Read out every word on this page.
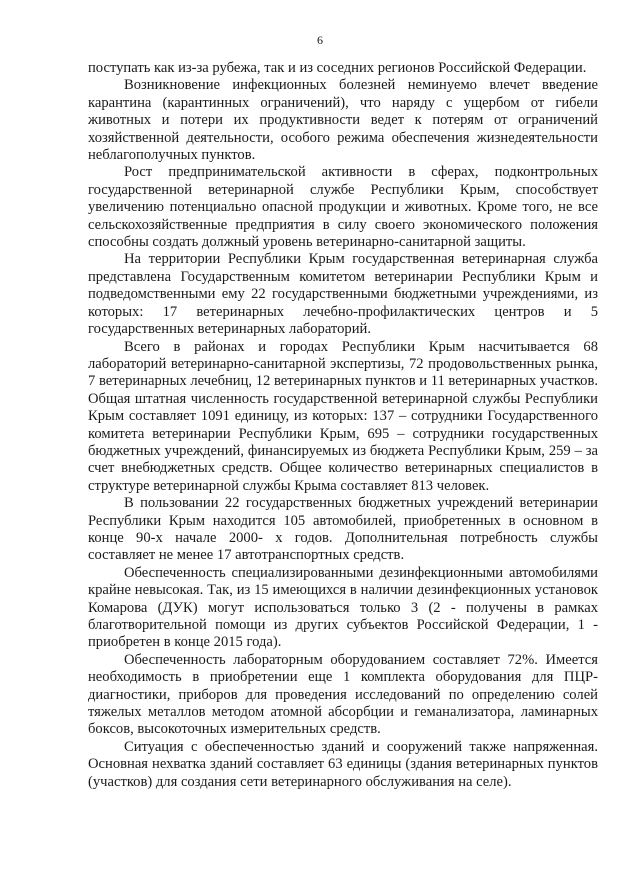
6

поступать как из-за рубежа, так и из соседних регионов Российской Федерации.

Возникновение инфекционных болезней неминуемо влечет введение карантина (карантинных ограничений), что наряду с ущербом от гибели животных и потери их продуктивности ведет к потерям от ограничений хозяйственной деятельности, особого режима обеспечения жизнедеятельности неблагополучных пунктов.

Рост предпринимательской активности в сферах, подконтрольных государственной ветеринарной службе Республики Крым, способствует увеличению потенциально опасной продукции и животных. Кроме того, не все сельскохозяйственные предприятия в силу своего экономического положения способны создать должный уровень ветеринарно-санитарной защиты.

На территории Республики Крым государственная ветеринарная служба представлена Государственным комитетом ветеринарии Республики Крым и подведомственными ему 22 государственными бюджетными учреждениями, из которых: 17 ветеринарных лечебно-профилактических центров и 5 государственных ветеринарных лабораторий.

Всего в районах и городах Республики Крым насчитывается 68 лабораторий ветеринарно-санитарной экспертизы, 72 продовольственных рынка, 7 ветеринарных лечебниц, 12 ветеринарных пунктов и 11 ветеринарных участков. Общая штатная численность государственной ветеринарной службы Республики Крым составляет 1091 единицу, из которых: 137 – сотрудники Государственного комитета ветеринарии Республики Крым, 695 – сотрудники государственных бюджетных учреждений, финансируемых из бюджета Республики Крым, 259 – за счет внебюджетных средств. Общее количество ветеринарных специалистов в структуре ветеринарной службы Крыма составляет 813 человек.

В пользовании 22 государственных бюджетных учреждений ветеринарии Республики Крым находится 105 автомобилей, приобретенных в основном в конце 90-х начале 2000- х годов. Дополнительная потребность службы составляет не менее 17 автотранспортных средств.

Обеспеченность специализированными дезинфекционными автомобилями крайне невысокая. Так, из 15 имеющихся в наличии дезинфекционных установок Комарова (ДУК) могут использоваться только 3 (2 - получены в рамках благотворительной помощи из других субъектов Российской Федерации, 1 - приобретен в конце 2015 года).

Обеспеченность лабораторным оборудованием составляет 72%. Имеется необходимость в приобретении еще 1 комплекта оборудования для ПЦР-диагностики, приборов для проведения исследований по определению солей тяжелых металлов методом атомной абсорбции и геманализатора, ламинарных боксов, высокоточных измерительных средств.

Ситуация с обеспеченностью зданий и сооружений также напряженная. Основная нехватка зданий составляет 63 единицы (здания ветеринарных пунктов (участков) для создания сети ветеринарного обслуживания на селе).
